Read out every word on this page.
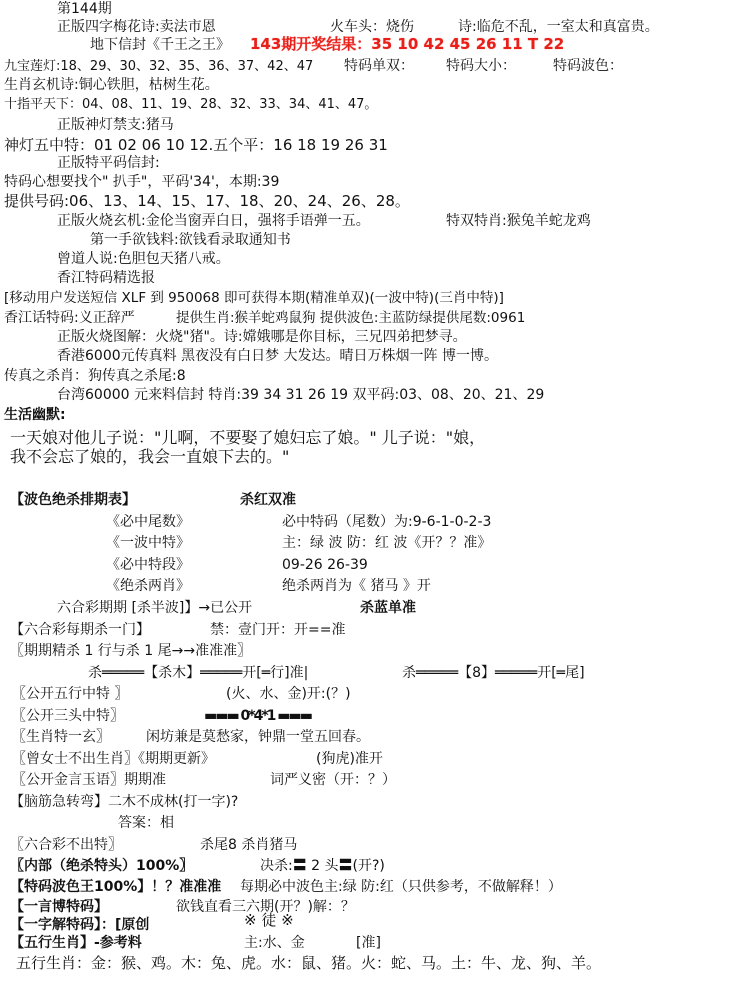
第144期
正版四字梅花诗:卖法市恩	火车头：烧伤	诗:临危不乱，一室太和真富贵。
地下信封《千王之王》 143期开奖结果：35 10 42 45 26 11 T 22
九宝莲灯:18、29、30、32、35、36、37、42、47 特码单双： 特码大小：	特码波色：
生肖玄机诗:铜心铁胆，枯树生花。
十指平天下：04、08、11、19、28、32、33、34、41、47。
正版神灯禁支:猪马
神灯五中特：01 02 06 10 12.五个平：16 18 19 26 31
正版特平码信封:
特码心想要找个" 扒手"，平码'34'，本期:39
提供号码:06、13、14、15、17、18、20、24、26、28。
正版火烧玄机:金伦当窗弄白日，强将手语弹一五。	特双特肖:猴兔羊蛇龙鸡
第一手欲钱料:欲钱看录取通知书
曾道人说:色胆包天猪八戒。
香江特码精选报
[移动用户发送短信 XLF 到 950068 即可获得本期(精准单双)(一波中特)(三肖中特)]
香江话特码:义正辞严	提供生肖:猴羊蛇鸡鼠狗 提供波色:主蓝防绿提供尾数:0961
正版火烧图解：火烧"猪"。诗:嫦娥哪是你目标，三兄四弟把梦寻。
香港6000元传真料 黑夜没有白日梦 大发达。晴日万株烟一阵 博一博。
传真之杀肖：狗传真之杀尾:8
台湾60000 元来料信封 特肖:39 34 31 26 19 双平码:03、08、20、21、29
生活幽默:
一天娘对他儿子说："儿啊，不要娶了媳妇忘了娘。" 儿子说："娘，
我不会忘了娘的，我会一直娘下去的。"
【波色绝杀排期表】	杀红双准
《必中尾数》	必中特码（尾数）为:9-6-1-0-2-3
《一波中特》	主：绿 波 防：红 波《开？？准》
《必中特段》	09-26 26-39
《绝杀两肖》	绝杀两肖为《 猪马 》开
六合彩期期 [杀半波]】→已公开	杀蓝单准
【六合彩每期杀一门】	禁：壹门开：开==准
〖期期精杀 1 行与杀 1 尾→→准准准〗
杀═════【杀木】═════开[═行]准|	杀═════【8】═════开[═尾]
〖公开五行中特 〗	(火、水、金)开:(？)
〖公开三头中特〗	▬▬▬ 0*4*1 ▬▬▬
〖生肖特一玄〗	闲坊兼是莫愁家，钟鼎一堂五回春。
〖曾女士不出生肖〗《期期更新》	(狗虎)准开
〖公开金言玉语〗期期准	词严义密（开：？）
【脑筋急转弯】二木不成林(打一字)?
答案：相
〖六合彩不出特〗	杀尾8 杀肖猪马
〖内部（绝杀特头）100%〗	决杀:〓 2 头〓(开?)
【特码波色王100%】！？准准准 每期必中波色主:绿 防:红（只供参考，不做解释！）
【一言博特码】	欲钱直看三六期(开？)解：？
【一字解特码】：[原创	※ 徒 ※
【五行生肖】-参考料	主:水、金	[准]
五行生肖：金：猴、鸡。木：兔、虎。水：鼠、猪。火：蛇、马。土：牛、龙、狗、羊。
